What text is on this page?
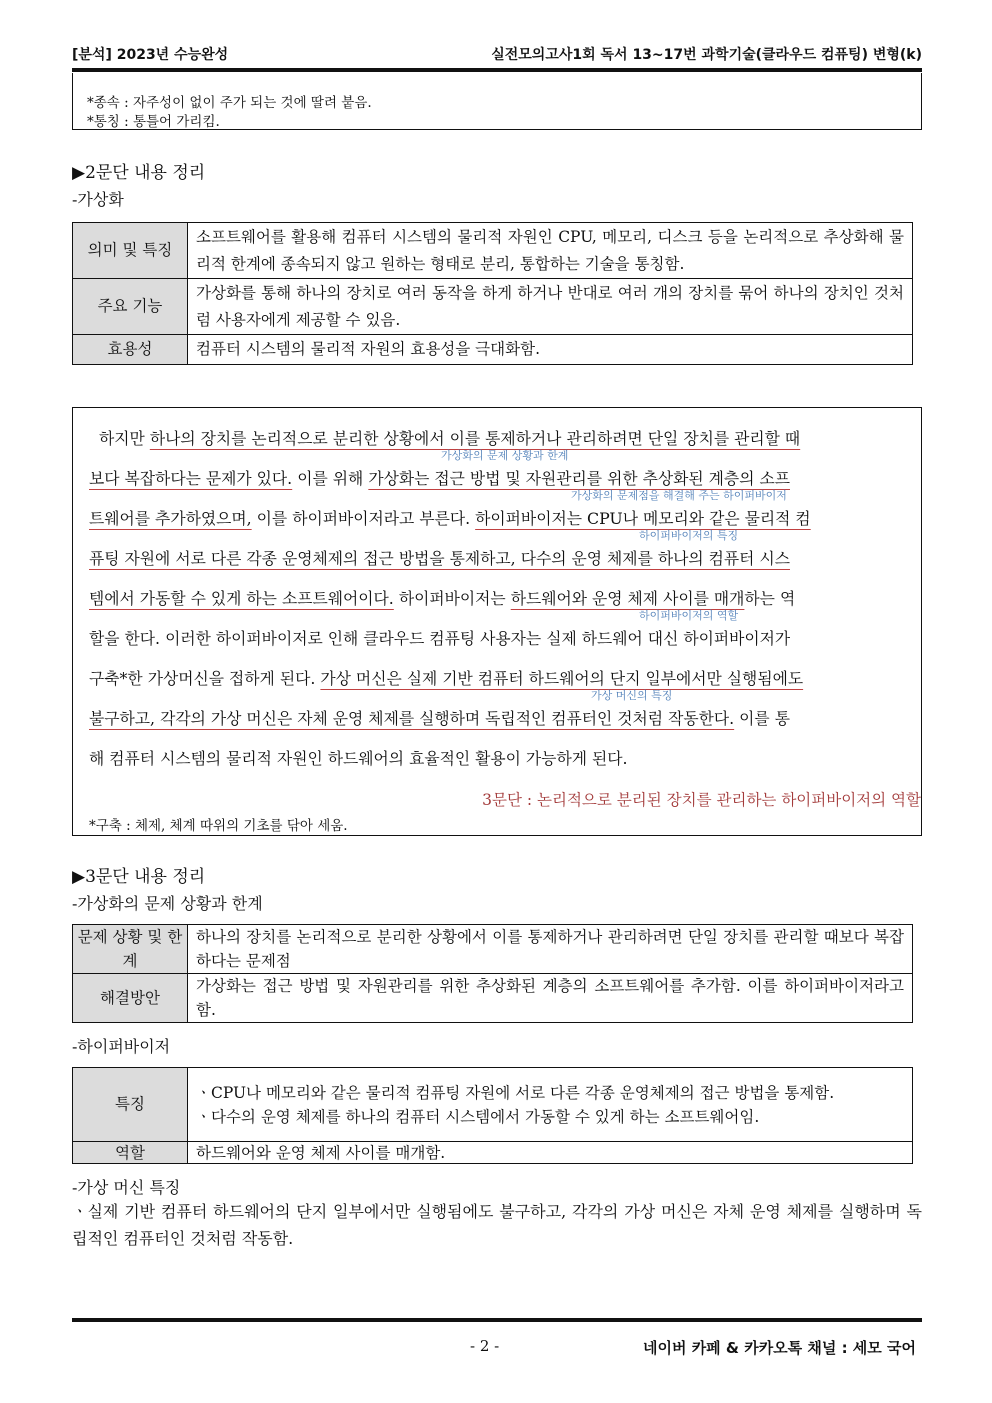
[분석] 2023년 수능완성	실전모의고사1회 독서 13~17번 과학기술(클라우드 컴퓨팅) 변형(k)
*종속 : 자주성이 없이 주가 되는 것에 딸려 붙음.
*통칭 : 통틀어 가리킴.
▶2문단 내용 정리
-가상화
의미 및 특징	소프트웨어를 활용해 컴퓨터 시스템의 물리적 자원인 CPU, 메모리, 디스크 등을 논리적으로 추상화해 물리적 한계에 종속되지 않고 원하는 형태로 분리, 통합하는 기술을 통칭함.
주요 기능	가상화를 통해 하나의 장치로 여러 동작을 하게 하거나 반대로 여러 개의 장치를 묶어 하나의 장치인 것처럼 사용자에게 제공할 수 있음.
효용성	컴퓨터 시스템의 물리적 자원의 효용성을 극대화함.
하지만 하나의 장치를 논리적으로 분리한 상황에서 이를 통제하거나 관리하려면 단일 장치를 관리할 때
가상화의 문제 상황과 한계
보다 복잡하다는 문제가 있다. 이를 위해 가상화는 접근 방법 및 자원관리를 위한 추상화된 계층의 소프
가상화의 문제점을 해결해 주는 하이퍼바이저
트웨어를 추가하였으며, 이를 하이퍼바이저라고 부른다. 하이퍼바이저는 CPU나 메모리와 같은 물리적 컴
하이퍼바이저의 특징
퓨팅 자원에 서로 다른 각종 운영체제의 접근 방법을 통제하고, 다수의 운영 체제를 하나의 컴퓨터 시스
템에서 가동할 수 있게 하는 소프트웨어이다. 하이퍼바이저는 하드웨어와 운영 체제 사이를 매개하는 역
하이퍼바이저의 역할
할을 한다. 이러한 하이퍼바이저로 인해 클라우드 컴퓨팅 사용자는 실제 하드웨어 대신 하이퍼바이저가
구축*한 가상머신을 접하게 된다. 가상 머신은 실제 기반 컴퓨터 하드웨어의 단지 일부에서만 실행됨에도
가상 머신의 특징
불구하고, 각각의 가상 머신은 자체 운영 체제를 실행하며 독립적인 컴퓨터인 것처럼 작동한다. 이를 통
해 컴퓨터 시스템의 물리적 자원인 하드웨어의 효율적인 활용이 가능하게 된다.
3문단 : 논리적으로 분리된 장치를 관리하는 하이퍼바이저의 역할
*구축 : 체제, 체계 따위의 기초를 닦아 세움.
▶3문단 내용 정리
-가상화의 문제 상황과 한계
문제 상황 및 한계	하나의 장치를 논리적으로 분리한 상황에서 이를 통제하거나 관리하려면 단일 장치를 관리할 때보다 복잡하다는 문제점
해결방안	가상화는 접근 방법 및 자원관리를 위한 추상화된 계층의 소프트웨어를 추가함. 이를 하이퍼바이저라고 함.
-하이퍼바이저
특징	ㆍCPU나 메모리와 같은 물리적 컴퓨팅 자원에 서로 다른 각종 운영체제의 접근 방법을 통제함.
ㆍ다수의 운영 체제를 하나의 컴퓨터 시스템에서 가동할 수 있게 하는 소프트웨어임.

역할	하드웨어와 운영 체제 사이를 매개함.
-가상 머신 특징
ㆍ실제 기반 컴퓨터 하드웨어의 단지 일부에서만 실행됨에도 불구하고, 각각의 가상 머신은 자체 운영 체제를 실행하며 독립적인 컴퓨터인 것처럼 작동함.
- 2 -	네이버 카페 & 카카오톡 채널 : 세모 국어
